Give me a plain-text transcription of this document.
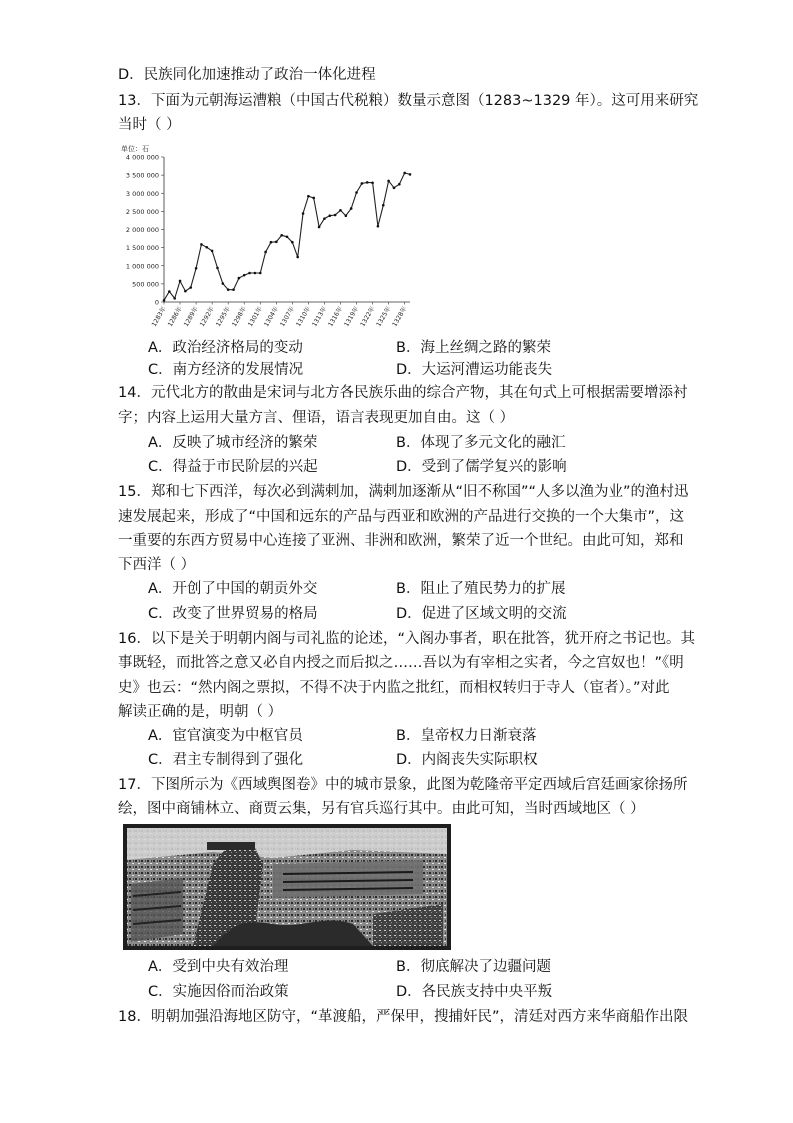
D．民族同化加速推动了政治一体化进程
13．下面为元朝海运漕粮（中国古代税粮）数量示意图（1283~1329 年）。这可用来研究
当时（ ）
4 000 000
3 500 000
3 000 000
2 500 000
2 000 000
1 500 000
1 000 000
500 000
0
1283年 1286年 1289年 1292年 1295年 1298年 1301年 1304年 1307年 1310年 1313年 1316年 1319年 1322年 1325年 1328年
单位：石
A．政治经济格局的变动	B．海上丝绸之路的繁荣
C．南方经济的发展情况	D．大运河漕运功能丧失
14．元代北方的散曲是宋词与北方各民族乐曲的综合产物，其在句式上可根据需要增添衬
字；内容上运用大量方言、俚语，语言表现更加自由。这（ ）
A．反映了城市经济的繁荣	B．体现了多元文化的融汇
C．得益于市民阶层的兴起	D．受到了儒学复兴的影响
15．郑和七下西洋，每次必到满剌加，满剌加逐渐从“旧不称国”“人多以渔为业”的渔村迅
速发展起来，形成了“中国和远东的产品与西亚和欧洲的产品进行交换的一个大集市”，这
一重要的东西方贸易中心连接了亚洲、非洲和欧洲，繁荣了近一个世纪。由此可知，郑和
下西洋（ ）
A．开创了中国的朝贡外交	B．阻止了殖民势力的扩展
C．改变了世界贸易的格局	D．促进了区域文明的交流
16．以下是关于明朝内阁与司礼监的论述，“入阁办事者，职在批答，犹开府之书记也。其
事既轻，而批答之意又必自内授之而后拟之……吾以为有宰相之实者，今之宫奴也！”《明
史》也云：“然内阁之票拟，不得不决于内监之批红，而相权转归于寺人（宦者）。”对此
解读正确的是，明朝（ ）
A．宦官演变为中枢官员	B．皇帝权力日渐衰落
C．君主专制得到了强化	D．内阁丧失实际职权
17．下图所示为《西域舆图卷》中的城市景象，此图为乾隆帝平定西域后宫廷画家徐扬所
绘，图中商铺林立、商贾云集，另有官兵巡行其中。由此可知，当时西域地区（ ）
A．受到中央有效治理	B．彻底解决了边疆问题
C．实施因俗而治政策	D．各民族支持中央平叛
18．明朝加强沿海地区防守，“革渡船，严保甲，搜捕奸民”，清廷对西方来华商船作出限
